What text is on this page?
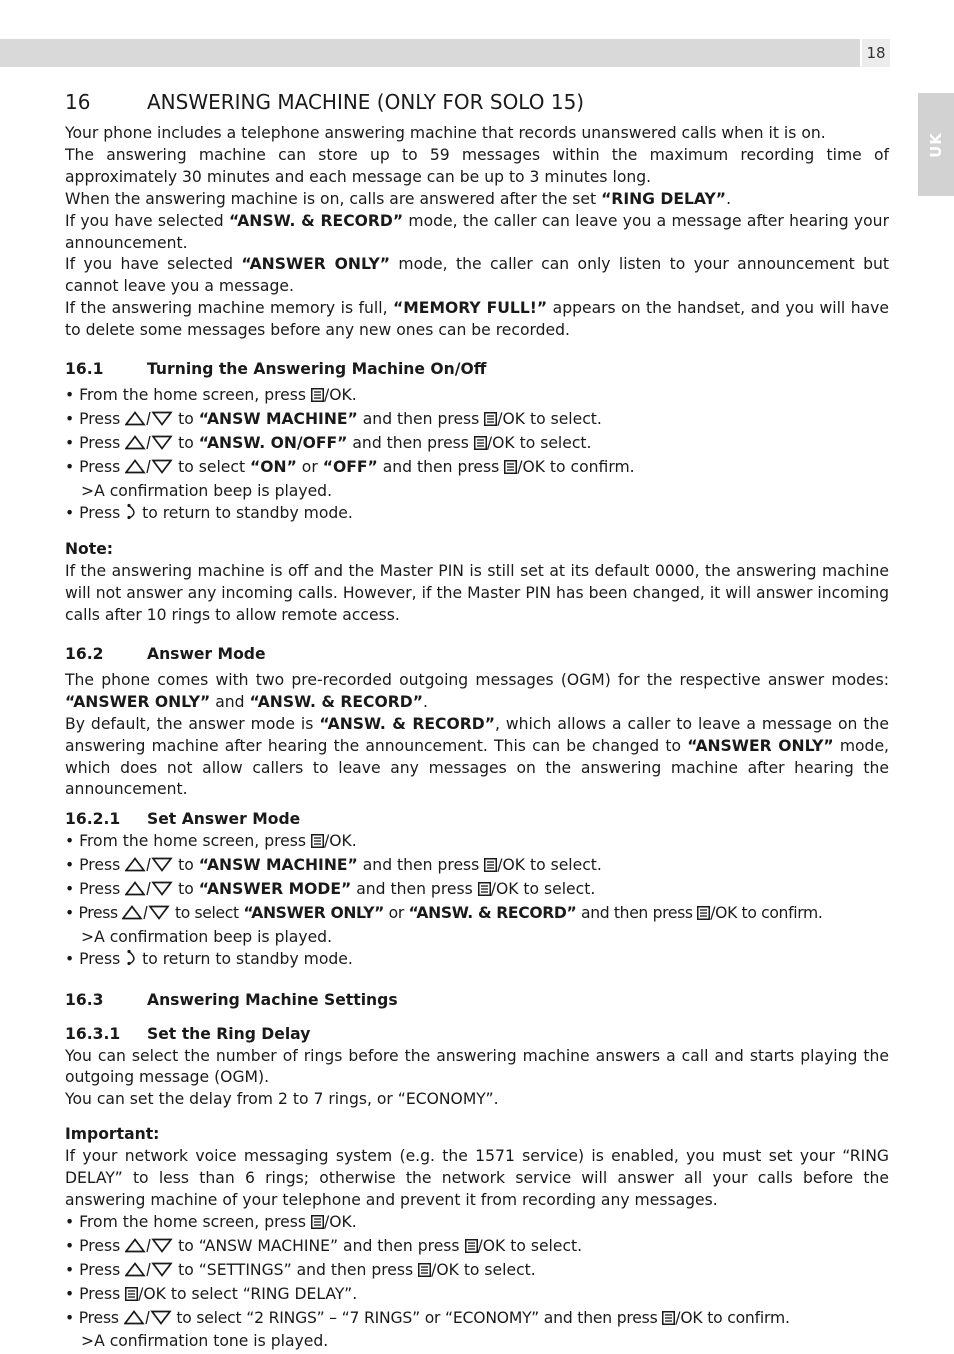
18
UK
16	ANSWERING MACHINE (ONLY FOR SOLO 15)

Your phone includes a telephone answering machine that records unanswered calls when it is on.

The answering machine can store up to 59 messages within the maximum recording time of approximately 30 minutes and each message can be up to 3 minutes long.

When the answering machine is on, calls are answered after the set “RING DELAY”.

If you have selected “ANSW. & RECORD” mode, the caller can leave you a message after hearing your announcement.

If you have selected “ANSWER ONLY” mode, the caller can only listen to your announcement but cannot leave you a message.

If the answering machine memory is full, “MEMORY FULL!” appears on the handset, and you will have to delete some messages before any new ones can be recorded.

16.1	Turning the Answering Machine On/Off

• From the home screen, press /OK.

• Press	to “ANSW MACHINE” and then press /OK to select.

• Press	to “ANSW. ON/OFF” and then press /OK to select.

• Press	to select “ON” or “OFF” and then press /OK to confirm.

>A confirmation beep is played.

• Press  to return to standby mode.

Note:

If the answering machine is off and the Master PIN is still set at its default 0000, the answering machine will not answer any incoming calls. However, if the Master PIN has been changed, it will answer incoming calls after 10 rings to allow remote access.

16.2	Answer Mode

The phone comes with two pre-recorded outgoing messages (OGM) for the respective answer modes: “ANSWER ONLY” and “ANSW. & RECORD”.

By default, the answer mode is “ANSW. & RECORD”, which allows a caller to leave a message on the answering machine after hearing the announcement. This can be changed to “ANSWER ONLY” mode, which does not allow callers to leave any messages on the answering machine after hearing the announcement.

16.2.1 Set Answer Mode

• From the home screen, press /OK.

• Press	to “ANSW MACHINE” and then press /OK to select.

• Press	to “ANSWER MODE” and then press /OK to select.

• Press	to select “ANSWER ONLY” or “ANSW. & RECORD” and then press /OK to confirm.

>A confirmation beep is played.

• Press  to return to standby mode.

16.3	Answering Machine Settings
16.3.1 Set the Ring Delay

You can select the number of rings before the answering machine answers a call and starts playing the outgoing message (OGM).

You can set the delay from 2 to 7 rings, or “ECONOMY”.

Important:

If your network voice messaging system (e.g. the 1571 service) is enabled, you must set your “RING DELAY” to less than 6 rings; otherwise the network service will answer all your calls before the answering machine of your telephone and prevent it from recording any messages.

• From the home screen, press /OK.

• Press	to “ANSW MACHINE” and then press /OK to select.

• Press	to “SETTINGS” and then press /OK to select.

• Press /OK to select “RING DELAY”.

• Press	to select “2 RINGS” – “7 RINGS” or “ECONOMY” and then press /OK to confirm.

>A confirmation tone is played.
